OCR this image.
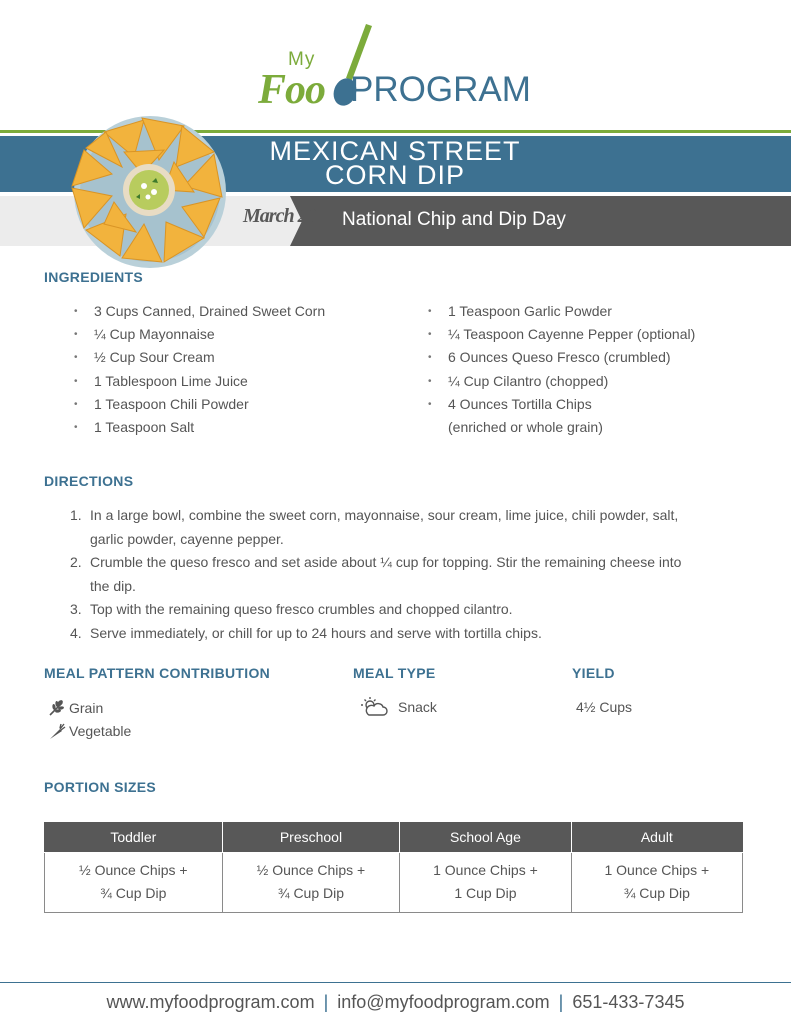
My
Foo PROGRAM
MEXICAN STREET
CORN DIP
March 23 National Chip and Dip Day
INGREDIENTS
• 3 Cups Canned, Drained Sweet Corn
• ¼ Cup Mayonnaise
• ½ Cup Sour Cream
• 1 Tablespoon Lime Juice
• 1 Teaspoon Chili Powder
• 1 Teaspoon Salt
• 1 Teaspoon Garlic Powder
• ¼ Teaspoon Cayenne Pepper (optional)
• 6 Ounces Queso Fresco (crumbled)
• ¼ Cup Cilantro (chopped)
• 4 Ounces Tortilla Chips
(enriched or whole grain)
DIRECTIONS
1. In a large bowl, combine the sweet corn, mayonnaise, sour cream, lime juice, chili powder, salt,
garlic powder, cayenne pepper.
2. Crumble the queso fresco and set aside about ¼ cup for topping. Stir the remaining cheese into
the dip.
3. Top with the remaining queso fresco crumbles and chopped cilantro.
4. Serve immediately, or chill for up to 24 hours and serve with tortilla chips.
MEAL PATTERN CONTRIBUTION
Grain
Vegetable
MEAL TYPE
Snack
YIELD
4½ Cups
PORTION SIZES
Toddler	Preschool	School Age	Adult

½ Ounce Chips +
¾ Cup Dip	½ Ounce Chips +
¾ Cup Dip	1 Ounce Chips +
1 Cup Dip	1 Ounce Chips +
¾ Cup Dip
www.myfoodprogram.com | info@myfoodprogram.com | 651-433-7345
